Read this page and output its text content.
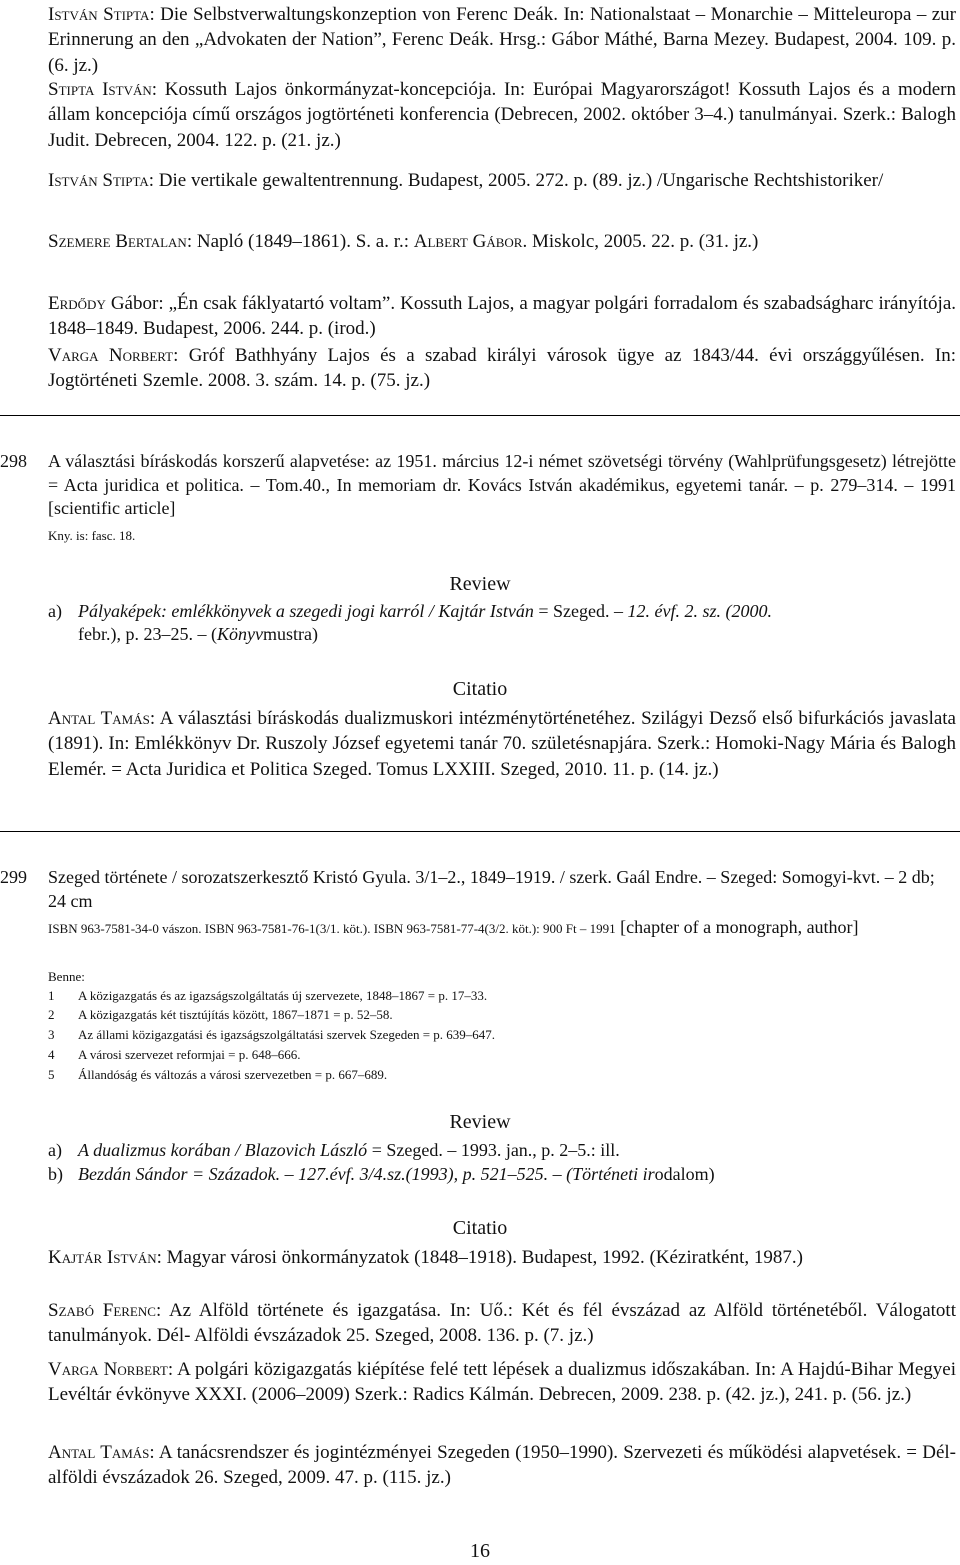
István Stipta: Die Selbstverwaltungskonzeption von Ferenc Deák. In: Nationalstaat – Monarchie – Mitteleuropa – zur Erinnerung an den „Advokaten der Nation”, Ferenc Deák. Hrsg.: Gábor Máthé, Barna Mezey. Budapest, 2004. 109. p. (6. jz.)

Stipta István: Kossuth Lajos önkormányzat-koncepciója. In: Európai Magyarországot! Kossuth Lajos és a modern állam koncepciója című országos jogtörténeti konferencia (Debrecen, 2002. október 3–4.) tanulmányai. Szerk.: Balogh Judit. Debrecen, 2004. 122. p. (21. jz.)

István Stipta: Die vertikale gewaltentrennung. Budapest, 2005. 272. p. (89. jz.) /Ungarische Rechtshistoriker/

Szemere Bertalan: Napló (1849–1861). S. a. r.: Albert Gábor. Miskolc, 2005. 22. p. (31. jz.)

Erdődy Gábor: „Én csak fáklyatartó voltam”. Kossuth Lajos, a magyar polgári forradalom és szabadságharc irányítója. 1848–1849. Budapest, 2006. 244. p. (irod.)

Varga Norbert: Gróf Bathhyány Lajos és a szabad királyi városok ügye az 1843/44. évi országgyűlésen. In: Jogtörténeti Szemle. 2008. 3. szám. 14. p. (75. jz.)

298	A választási bíráskodás korszerű alapvetése: az 1951. március 12-i német szövetségi törvény (Wahlprüfungsgesetz) létrejötte = Acta juridica et politica. – Tom.40., In memoriam dr. Kovács István akadémikus, egyetemi tanár. – p. 279–314. – 1991 [scientific article]

Kny. is: fasc. 18.

Review

a) Pályaképek: emlékkönyvek a szegedi jogi karról / Kajtár István = Szeged. – 12. évf. 2. sz. (2000.
febr.), p. 23–25. – (Könyvmustra)

Citatio

Antal Tamás: A választási bíráskodás dualizmuskori intézménytörténetéhez. Szilágyi Dezső első bifurkációs javaslata (1891). In: Emlékkönyv Dr. Ruszoly József egyetemi tanár 70. születésnapjára. Szerk.: Homoki-Nagy Mária és Balogh Elemér. = Acta Juridica et Politica Szeged. Tomus LXXIII. Szeged, 2010. 11. p. (14. jz.)

299	Szeged története / sorozatszerkesztő Kristó Gyula. 3/1–2., 1849–1919. / szerk. Gaál Endre. – Szeged: Somogyi-kvt. – 2 db; 24 cm

ISBN 963-7581-34-0 vászon. ISBN 963-7581-76-1(3/1. köt.). ISBN 963-7581-77-4(3/2. köt.): 900 Ft – 1991 [chapter of a monograph, author]

Benne:

1 A közigazgatás és az igazságszolgáltatás új szervezete, 1848–1867 = p. 17–33.
2 A közigazgatás két tisztújítás között, 1867–1871 = p. 52–58.
3 Az állami közigazgatási és igazságszolgáltatási szervek Szegeden = p. 639–647.
4 A városi szervezet reformjai = p. 648–666.
5 Állandóság és változás a városi szervezetben = p. 667–689.

Review

a) A dualizmus korában / Blazovich László = Szeged. – 1993. jan., p. 2–5.: ill.
b) Bezdán Sándor = Századok. – 127.évf. 3/4.sz.(1993), p. 521–525. – (Történeti irodalom)

Citatio

Kajtár István: Magyar városi önkormányzatok (1848–1918). Budapest, 1992. (Kéziratként, 1987.)

Szabó Ferenc: Az Alföld története és igazgatása. In: Uő.: Két és fél évszázad az Alföld történetéből. Válogatott tanulmányok. Dél- Alföldi évszázadok 25. Szeged, 2008. 136. p. (7. jz.)

Varga Norbert: A polgári közigazgatás kiépítése felé tett lépések a dualizmus időszakában. In: A Hajdú-Bihar Megyei Levéltár évkönyve XXXI. (2006–2009) Szerk.: Radics Kálmán. Debrecen, 2009. 238. p. (42. jz.), 241. p. (56. jz.)

Antal Tamás: A tanácsrendszer és jogintézményei Szegeden (1950–1990). Szervezeti és működési alapvetések. = Dél-alföldi évszázadok 26. Szeged, 2009. 47. p. (115. jz.)

16
